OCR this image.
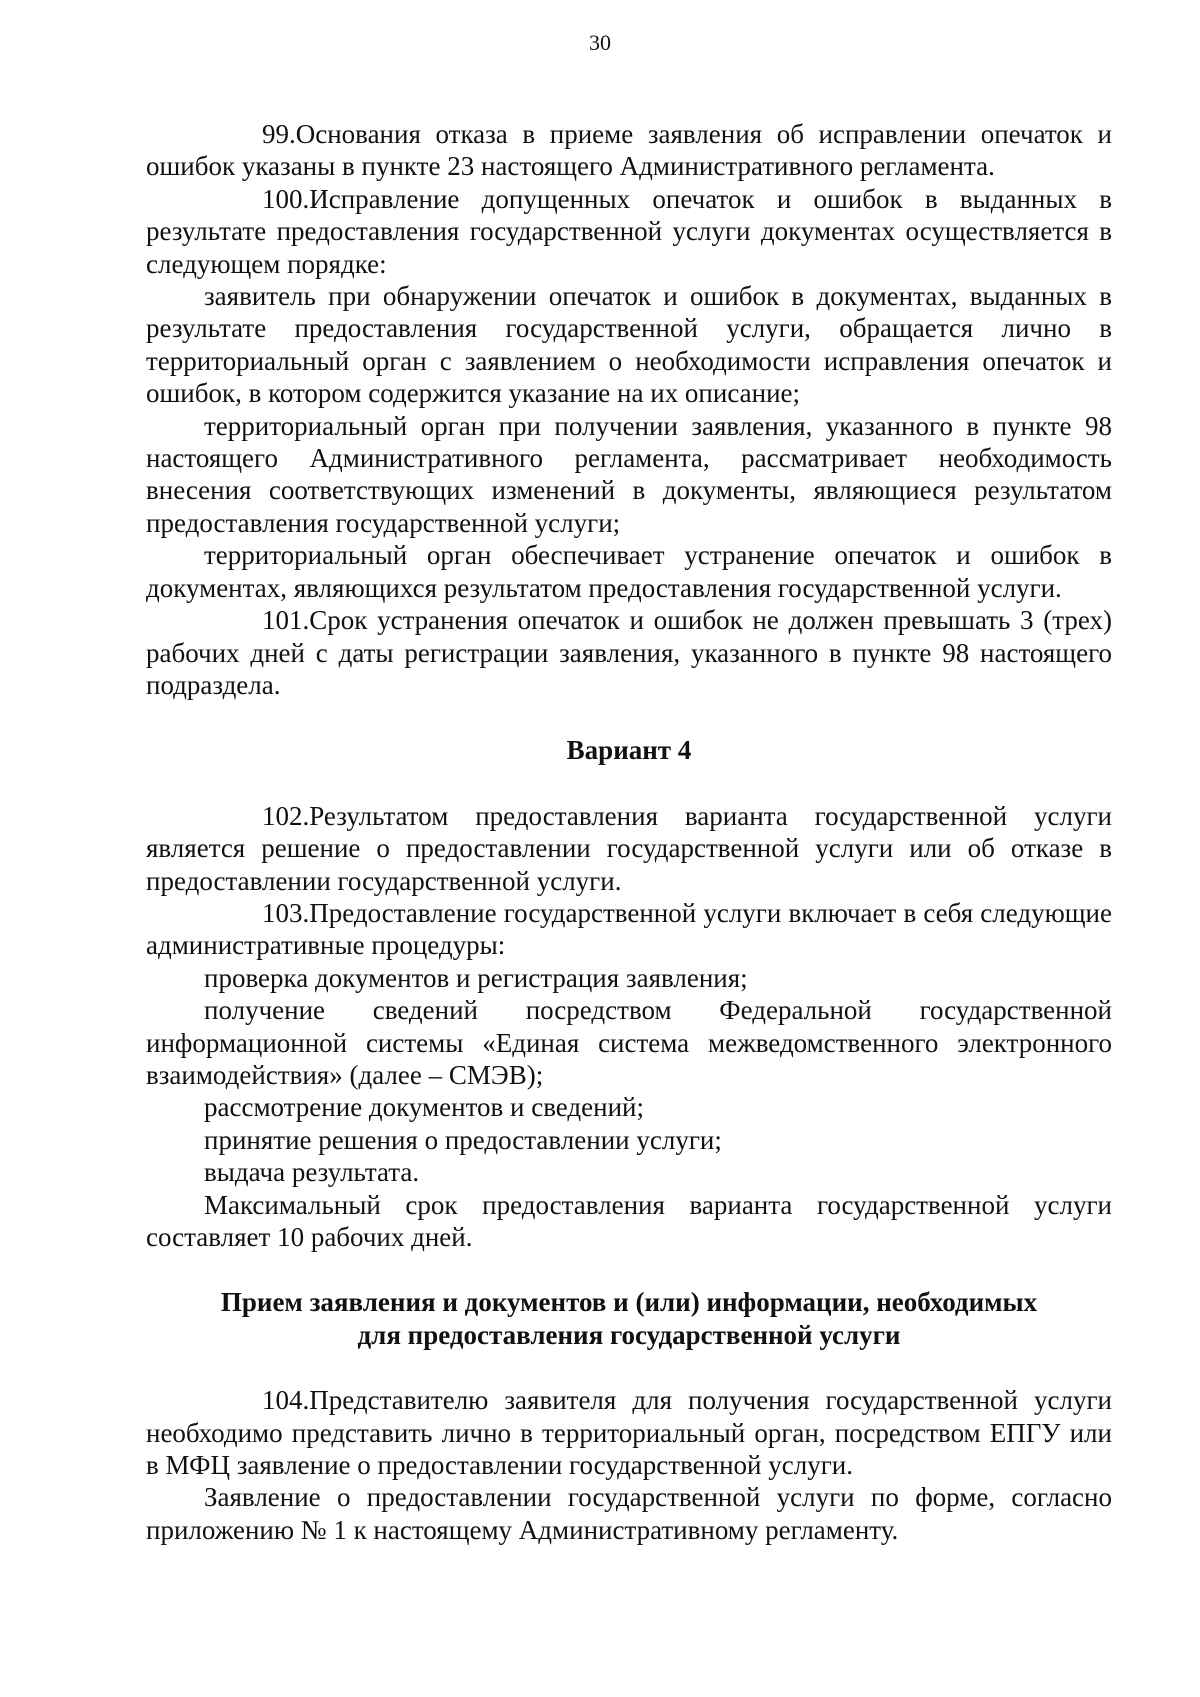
30

99.Основания отказа в приеме заявления об исправлении опечаток и ошибок указаны в пункте 23 настоящего Административного регламента.

100.Исправление допущенных опечаток и ошибок в выданных в результате предоставления государственной услуги документах осуществляется в следующем порядке:

заявитель при обнаружении опечаток и ошибок в документах, выданных в результате предоставления государственной услуги, обращается лично в территориальный орган с заявлением о необходимости исправления опечаток и ошибок, в котором содержится указание на их описание;

территориальный орган при получении заявления, указанного в пункте 98 настоящего Административного регламента, рассматривает необходимость внесения соответствующих изменений в документы, являющиеся результатом предоставления государственной услуги;

территориальный орган обеспечивает устранение опечаток и ошибок в документах, являющихся результатом предоставления государственной услуги.

101.Срок устранения опечаток и ошибок не должен превышать 3 (трех) рабочих дней с даты регистрации заявления, указанного в пункте 98 настоящего подраздела.

Вариант 4

102.Результатом предоставления варианта государственной услуги является решение о предоставлении государственной услуги или об отказе в предоставлении государственной услуги.

103.Предоставление государственной услуги включает в себя следующие административные процедуры:

проверка документов и регистрация заявления;

получение сведений посредством Федеральной государственной информационной системы «Единая система межведомственного электронного взаимодействия» (далее – СМЭВ);

рассмотрение документов и сведений;

принятие решения о предоставлении услуги;

выдача результата.

Максимальный срок предоставления варианта государственной услуги составляет 10 рабочих дней.

Прием заявления и документов и (или) информации, необходимых

для предоставления государственной услуги

104.Представителю заявителя для получения государственной услуги необходимо представить лично в территориальный орган, посредством ЕПГУ или в МФЦ заявление о предоставлении государственной услуги.

Заявление о предоставлении государственной услуги по форме, согласно приложению № 1 к настоящему Административному регламенту.
